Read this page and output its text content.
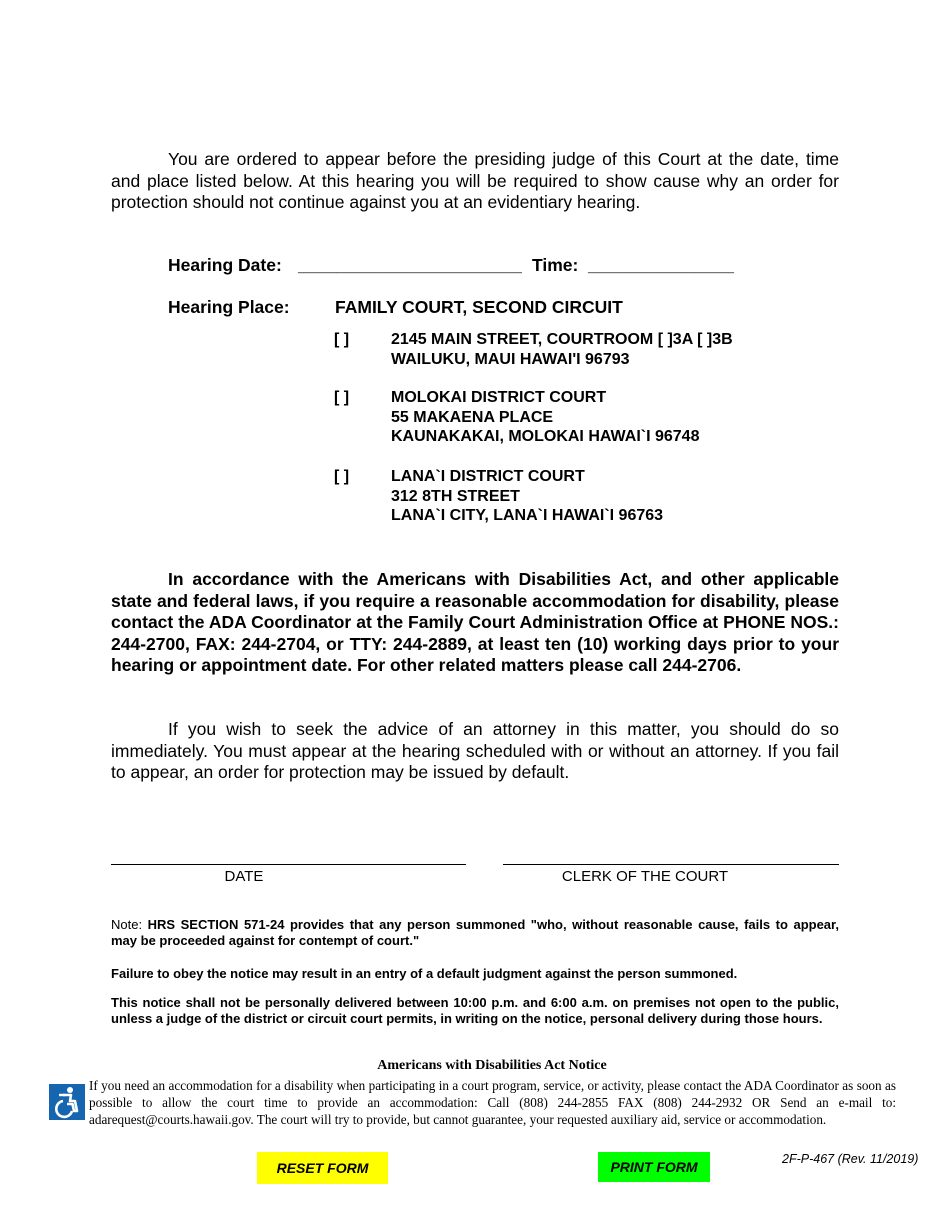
You are ordered to appear before the presiding judge of this Court at the date, time and place listed below. At this hearing you will be required to show cause why an order for protection should not continue against you at an evidentiary hearing.
Hearing Date: _______________________ Time: _______________
Hearing Place:	FAMILY COURT, SECOND CIRCUIT
[ ]	2145 MAIN STREET, COURTROOM [ ]3A [ ]3B
WAILUKU, MAUI HAWAI'I 96793
[ ]	MOLOKAI DISTRICT COURT
55 MAKAENA PLACE
KAUNAKAKAI, MOLOKAI HAWAI`I 96748
[ ]	LANA`I DISTRICT COURT
312 8TH STREET
LANA`I CITY, LANA`I HAWAI`I 96763
In accordance with the Americans with Disabilities Act, and other applicable state and federal laws, if you require a reasonable accommodation for disability, please contact the ADA Coordinator at the Family Court Administration Office at PHONE NOS.: 244-2700, FAX: 244-2704, or TTY: 244-2889, at least ten (10) working days prior to your hearing or appointment date. For other related matters please call 244-2706.
If you wish to seek the advice of an attorney in this matter, you should do so immediately. You must appear at the hearing scheduled with or without an attorney. If you fail to appear, an order for protection may be issued by default.
DATE	CLERK OF THE COURT
Note: HRS SECTION 571-24 provides that any person summoned "who, without reasonable cause, fails to appear, may be proceeded against for contempt of court."
Failure to obey the notice may result in an entry of a default judgment against the person summoned.
This notice shall not be personally delivered between 10:00 p.m. and 6:00 a.m. on premises not open to the public, unless a judge of the district or circuit court permits, in writing on the notice, personal delivery during those hours.
Americans with Disabilities Act Notice
If you need an accommodation for a disability when participating in a court program, service, or activity, please contact the ADA Coordinator as soon as possible to allow the court time to provide an accommodation: Call (808) 244-2855 FAX (808) 244-2932 OR Send an e-mail to: adarequest@courts.hawaii.gov. The court will try to provide, but cannot guarantee, your requested auxiliary aid, service or accommodation.
RESET FORM	PRINT FORM	2F-P-467 (Rev. 11/2019)
